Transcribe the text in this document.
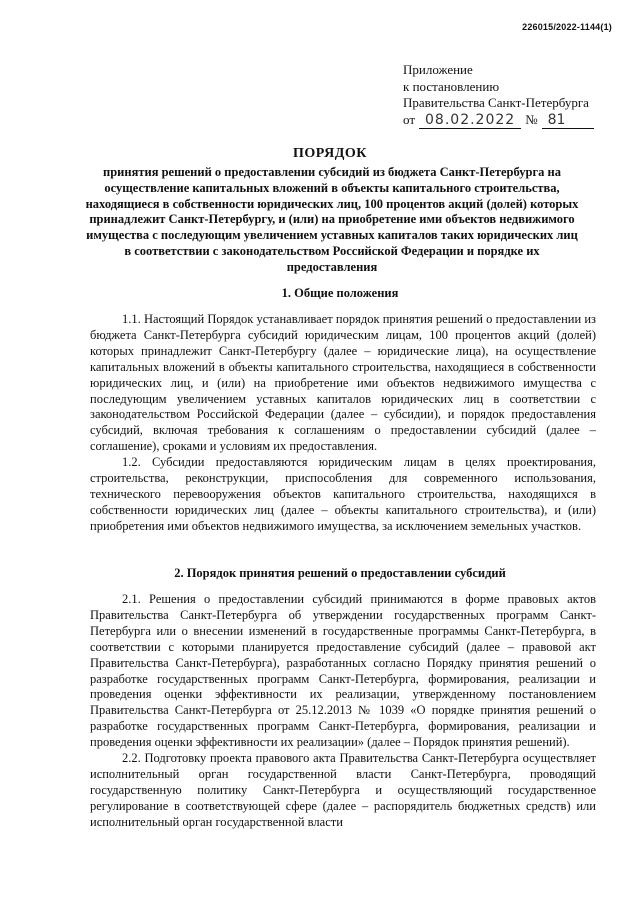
226015/2022-1144(1)
Приложение
к постановлению
Правительства Санкт-Петербурга
от 08.02.2022 № 81
ПОРЯДОК
принятия решений о предоставлении субсидий из бюджета Санкт-Петербурга на осуществление капитальных вложений в объекты капитального строительства, находящиеся в собственности юридических лиц, 100 процентов акций (долей) которых принадлежит Санкт-Петербургу, и (или) на приобретение ими объектов недвижимого имущества с последующим увеличением уставных капиталов таких юридических лиц в соответствии с законодательством Российской Федерации и порядке их предоставления
1. Общие положения

1.1. Настоящий Порядок устанавливает порядок принятия решений о предоставлении из бюджета Санкт-Петербурга субсидий юридическим лицам, 100 процентов акций (долей) которых принадлежит Санкт-Петербургу (далее – юридические лица), на осуществление капитальных вложений в объекты капитального строительства, находящиеся в собственности юридических лиц, и (или) на приобретение ими объектов недвижимого имущества с последующим увеличением уставных капиталов юридических лиц в соответствии с законодательством Российской Федерации (далее – субсидии), и порядок предоставления субсидий, включая требования к соглашениям о предоставлении субсидий (далее – соглашение), сроками и условиям их предоставления.

1.2. Субсидии предоставляются юридическим лицам в целях проектирования, строительства, реконструкции, приспособления для современного использования, технического перевооружения объектов капитального строительства, находящихся в собственности юридических лиц (далее – объекты капитального строительства), и (или) приобретения ими объектов недвижимого имущества, за исключением земельных участков.

2. Порядок принятия решений о предоставлении субсидий

2.1. Решения о предоставлении субсидий принимаются в форме правовых актов Правительства Санкт-Петербурга об утверждении государственных программ Санкт-Петербурга или о внесении изменений в государственные программы Санкт-Петербурга, в соответствии с которыми планируется предоставление субсидий (далее – правовой акт Правительства Санкт-Петербурга), разработанных согласно Порядку принятия решений о разработке государственных программ Санкт-Петербурга, формирования, реализации и проведения оценки эффективности их реализации, утвержденному постановлением Правительства Санкт-Петербурга от 25.12.2013 № 1039 «О порядке принятия решений о разработке государственных программ Санкт-Петербурга, формирования, реализации и проведения оценки эффективности их реализации» (далее – Порядок принятия решений).

2.2. Подготовку проекта правового акта Правительства Санкт-Петербурга осуществляет исполнительный орган государственной власти Санкт-Петербурга, проводящий государственную политику Санкт-Петербурга и осуществляющий государственное регулирование в соответствующей сфере (далее – распорядитель бюджетных средств) или исполнительный орган государственной власти
